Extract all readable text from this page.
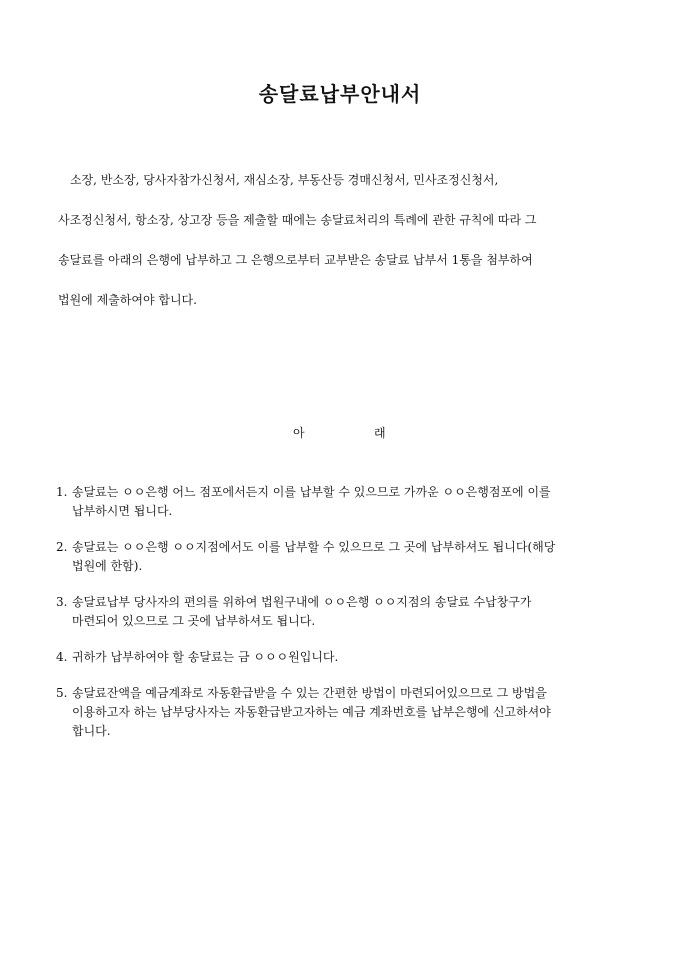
송달료납부안내서
소장, 반소장, 당사자참가신청서, 재심소장, 부동산등 경매신청서, 민사조정신청서,
사조정신청서, 항소장, 상고장 등을 제출할 때에는 송달료처리의 특례에 관한 규칙에 따라 그
송달료를 아래의 은행에 납부하고 그 은행으로부터 교부받은 송달료 납부서 1통을 첨부하여
법원에 제출하여야 합니다.
아	래
1. 송달료는 ㅇㅇ은행 어느 점포에서든지 이를 납부할 수 있으므로 가까운 ㅇㅇ은행점포에 이를
납부하시면 됩니다.
2. 송달료는 ㅇㅇ은행 ㅇㅇ지점에서도 이를 납부할 수 있으므로 그 곳에 납부하셔도 됩니다(해당
법원에 한함).
3. 송달료납부 당사자의 편의를 위하여 법원구내에 ㅇㅇ은행 ㅇㅇ지점의 송달료 수납창구가
마련되어 있으므로 그 곳에 납부하셔도 됩니다.
4. 귀하가 납부하여야 할 송달료는 금 ㅇㅇㅇ원입니다.
5. 송달료잔액을 예금계좌로 자동환급받을 수 있는 간편한 방법이 마련되어있으므로 그 방법을
이용하고자 하는 납부당사자는 자동환급받고자하는 예금 계좌번호를 납부은행에 신고하셔야
합니다.
